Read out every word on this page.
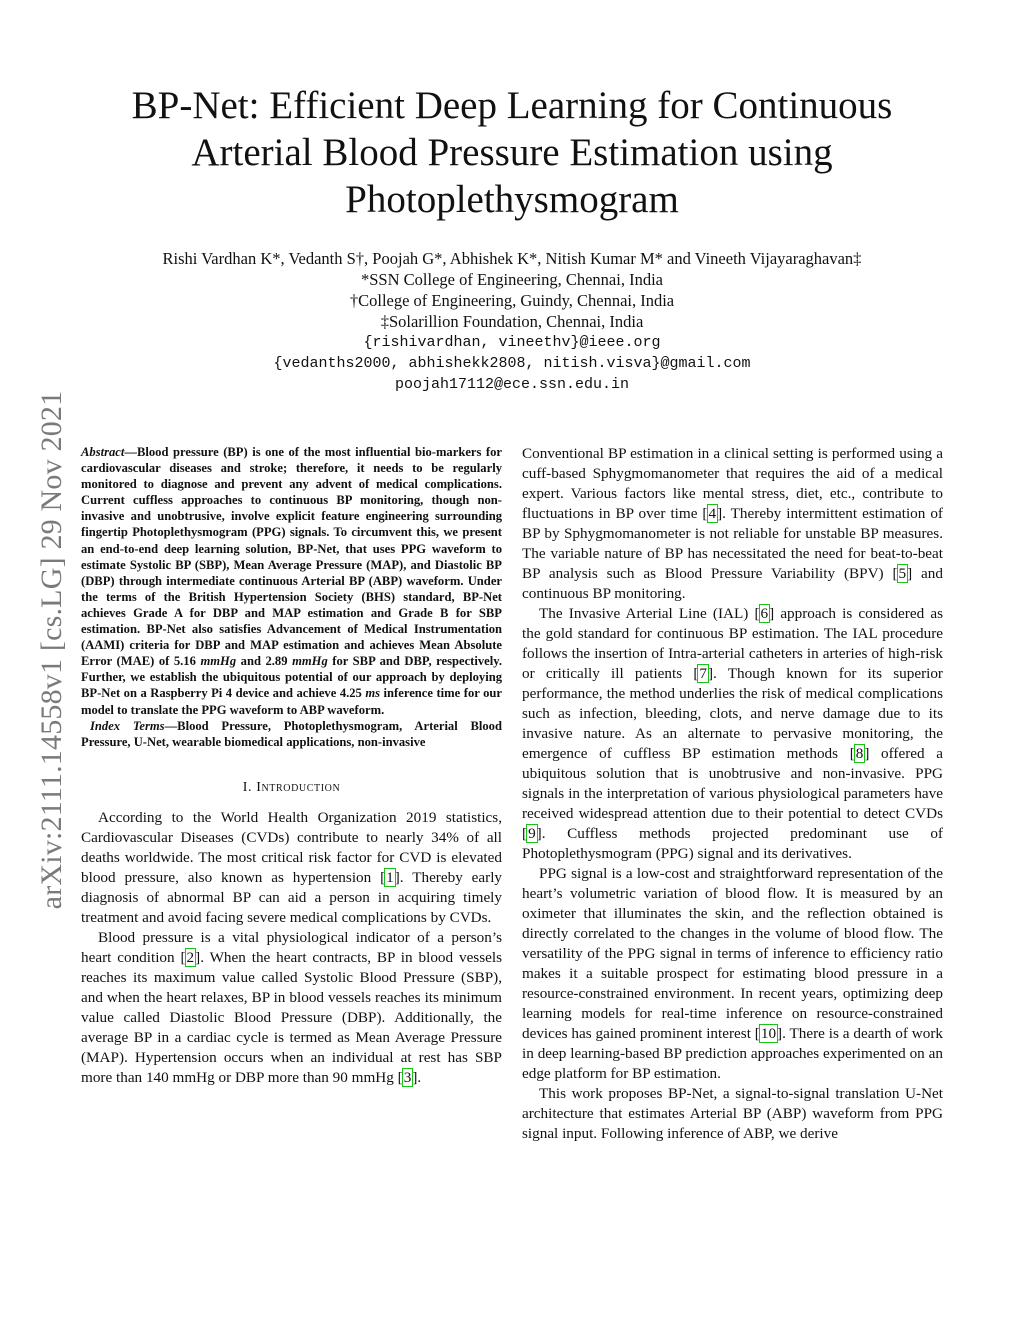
arXiv:2111.14558v1 [cs.LG] 29 Nov 2021
BP-Net: Efficient Deep Learning for Continuous Arterial Blood Pressure Estimation using Photoplethysmogram
Rishi Vardhan K*, Vedanth S†, Poojah G*, Abhishek K*, Nitish Kumar M* and Vineeth Vijayaraghavan‡
*SSN College of Engineering, Chennai, India
†College of Engineering, Guindy, Chennai, India
‡Solarillion Foundation, Chennai, India
{rishivardhan, vineethv}@ieee.org
{vedanths2000, abhishekk2808, nitish.visva}@gmail.com
poojah17112@ece.ssn.edu.in

Abstract—Blood pressure (BP) is one of the most influential bio-markers for cardiovascular diseases and stroke; therefore, it needs to be regularly monitored to diagnose and prevent any advent of medical complications. Current cuffless approaches to continuous BP monitoring, though non-invasive and unobtrusive, involve explicit feature engineering surrounding fingertip Photoplethysmogram (PPG) signals. To circumvent this, we present an end-to-end deep learning solution, BP-Net, that uses PPG waveform to estimate Systolic BP (SBP), Mean Average Pressure (MAP), and Diastolic BP (DBP) through intermediate continuous Arterial BP (ABP) waveform. Under the terms of the British Hypertension Society (BHS) standard, BP-Net achieves Grade A for DBP and MAP estimation and Grade B for SBP estimation. BP-Net also satisfies Advancement of Medical Instrumentation (AAMI) criteria for DBP and MAP estimation and achieves Mean Absolute Error (MAE) of 5.16 mmHg and 2.89 mmHg for SBP and DBP, respectively. Further, we establish the ubiquitous potential of our approach by deploying BP-Net on a Raspberry Pi 4 device and achieve 4.25 ms inference time for our model to translate the PPG waveform to ABP waveform.

Index Terms—Blood Pressure, Photoplethysmogram, Arterial Blood Pressure, U-Net, wearable biomedical applications, non-invasive

I. Introduction

According to the World Health Organization 2019 statistics, Cardiovascular Diseases (CVDs) contribute to nearly 34% of all deaths worldwide. The most critical risk factor for CVD is elevated blood pressure, also known as hypertension [1]. Thereby early diagnosis of abnormal BP can aid a person in acquiring timely treatment and avoid facing severe medical complications by CVDs.

Blood pressure is a vital physiological indicator of a person’s heart condition [2]. When the heart contracts, BP in blood vessels reaches its maximum value called Systolic Blood Pressure (SBP), and when the heart relaxes, BP in blood vessels reaches its minimum value called Diastolic Blood Pressure (DBP). Additionally, the average BP in a cardiac cycle is termed as Mean Average Pressure (MAP). Hypertension occurs when an individual at rest has SBP more than 140 mmHg or DBP more than 90 mmHg [3].

Conventional BP estimation in a clinical setting is performed using a cuff-based Sphygmomanometer that requires the aid of a medical expert. Various factors like mental stress, diet, etc., contribute to fluctuations in BP over time [4]. Thereby intermittent estimation of BP by Sphygmomanometer is not reliable for unstable BP measures. The variable nature of BP has necessitated the need for beat-to-beat BP analysis such as Blood Pressure Variability (BPV) [5] and continuous BP monitoring.

The Invasive Arterial Line (IAL) [6] approach is considered as the gold standard for continuous BP estimation. The IAL procedure follows the insertion of Intra-arterial catheters in arteries of high-risk or critically ill patients [7]. Though known for its superior performance, the method underlies the risk of medical complications such as infection, bleeding, clots, and nerve damage due to its invasive nature. As an alternate to pervasive monitoring, the emergence of cuffless BP estimation methods [8] offered a ubiquitous solution that is unobtrusive and non-invasive. PPG signals in the interpretation of various physiological parameters have received widespread attention due to their potential to detect CVDs [9]. Cuffless methods projected predominant use of Photoplethysmogram (PPG) signal and its derivatives.

PPG signal is a low-cost and straightforward representation of the heart’s volumetric variation of blood flow. It is measured by an oximeter that illuminates the skin, and the reflection obtained is directly correlated to the changes in the volume of blood flow. The versatility of the PPG signal in terms of inference to efficiency ratio makes it a suitable prospect for estimating blood pressure in a resource-constrained environment. In recent years, optimizing deep learning models for real-time inference on resource-constrained devices has gained prominent interest [10]. There is a dearth of work in deep learning-based BP prediction approaches experimented on an edge platform for BP estimation.

This work proposes BP-Net, a signal-to-signal translation U-Net architecture that estimates Arterial BP (ABP) waveform from PPG signal input. Following inference of ABP, we derive
